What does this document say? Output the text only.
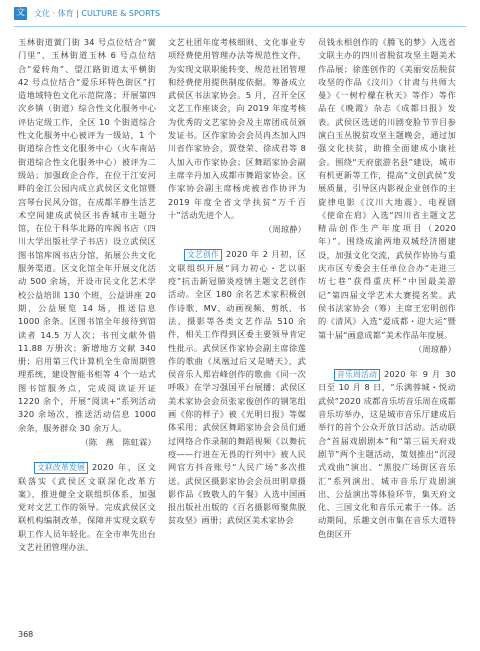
文 文化 · 体育 | CULTURE & SPORTS

玉林街道黉门街 34 号点位结合“黉门里”、玉林街道玉林 6 号点位结合“爱转角”、望江路街道太平横街 42 号点位结合“爱乐环特色街区”打造地域特色文化示范院落；开展第四次乡镇（街道）综合性文化服务中心评估定级工作，全区 10 个街道综合性文化服务中心被评为一级站，1 个街道综合性文化服务中心（火车南站街道综合性文化服务中心）被评为二级站；加强政企合作，在位于江安河畔的金江公园内成立武侯区文化馆暨宫琴台民风分馆，在成都羊静生活艺术空间建成武侯区书香城市主题分馆，在位于科华北路的库阁书店（四川大学出版社学子书店）设立武侯区图书馆库阁书店分馆，拓展公共文化服务渠道。区文化馆全年开展文化活动 500 余场，开设市民文化艺术学校公益培训 130 个班，公益讲座 20 期，公益展览 14 场，推送信息 1000 余条。区图书馆全年接待到馆读者 14.5 万人次；书刊文献外借 11.88 万册次；新增地方文献 340 册；启用第三代计算机全生命周期管理系统，建设智能书柜等 4 个一站式图书馆服务点，完成阅读证开证 1220 余个，开展“阅读+”系列活动 320 余场次，推送活动信息 1000 余条，服务群众 30 余万人。

（陈　燕　陈虹霖）

文联改革发展 2020 年，区文联落实《武侯区文联深化改革方案》，推进健全文联组织体系，加强党对文艺工作的领导。完成武侯区文联机构编制改革，保障并实现文联专职工作人员年轻化。在全市率先出台文艺社团管理办法、

文艺社团年度考核细则、文化事业专项经费使用管理办法等规范性文件，为实现文联职能转变、规范社团管理和经费使用提供制度依据。筹备成立武侯区书法家协会。5 月，召开全区文艺工作座谈会，向 2019 年度考核为优秀的文艺家协会及主席团成员颁发证书。区作家协会会员冉杰加入四川省作家协会，贾登荣、徐成君等 8 人加入市作家协会；区舞蹈家协会副主席辛丹加入成都市舞蹈家协会。区作家协会副主席杨虎被省作协评为 2019 年度全省文学扶贫“万千百十”活动先进个人。

（周琼静）

文艺创作 2020 年 2 月初，区文联组织开展“同力初心・艺以驱疫”抗击新冠肺炎疫情主题文艺创作活动。全区 180 余名艺术家积极创作诗歌、MV、动画视频、剪纸、书法、摄影等各类文艺作品 510 余件，相关工作得到区委主要领导肯定性批示。武侯区作家协会副主席徐莲作的歌曲《凤凰过后又是晴天》，武侯音乐人郑岩峰创作的歌曲《同一次呼吸》在学习强国平台展播；武侯区美术家协会会员张家俊创作的钢笔组画《你的样子》被《光明日报》等媒体采用；武侯区舞蹈家协会会员们通过网络合作录制的舞蹈视频《以舞抗疫——行进在无畏的行列中》被人民网官方抖音账号“人民广场”多次推送。武侯区摄影家协会会员田明章摄影作品《致敬人的午餐》入选中国画报出版社出版的《百名摄影师聚焦脱贫攻坚》画册；武侯区美术家协会

员钱永相创作的《腾飞的梦》入选省文联主办的四川省脱贫攻坚主题美术作品展；徐莲创作的《美丽安岳脱贫攻坚的作品《汶川》（甘肃与共师大曼》《一树柠檬在秋天》等作）等作品在《晚霞》杂志《成都日报》发表。武侯区选送的川剧变脸节节目参演白玉丛脱贫攻坚主题晚会，通过加强文化扶贫，助推全面建成小康社会。围绕“天府旅游名县”建设，城市有机更新等工作，提高“文创武侯”发展质量，引导区内影视企业创作的主旋律电影《汶川大地震》、电视剧《使命在肩》入选“四川省主题文艺精品创作生产年度项目（2020 年）”。围绕成渝两地双城经济圈建设，加强文化交流，武侯作协协与重庆市区专委会主任单位合办“走进三坊七巷”获得重庆杯“中国最美游记”第四届文学艺术大赛提名奖。武侯书法家协会（筹）主席王宏明创作的《清风》入选“爱成都・迎大运”暨第十届“画意成都”美术作品年度展。

（周琼静）

音乐周活动 2020 年 9 月 30 日至 10 月 8 日，“乐满蓉城・悦动武侯”2020 成都音乐坊音乐周在成都音乐坊举办，这是城市音乐厅建成后举行的首个公众开放日活动。活动联合“首届戏剧剧本”和“第三届天府戏剧节”两个主题活动，策划推出“沉浸式戏曲”演出、“黑胶广场街区音乐汇”系列演出、城市音乐厅戏剧演出、公益演出等体验环节，集天府文化、三国文化和音乐元素于一体。活动期间，乐趣文创市集在音乐大道特色街区开

368
